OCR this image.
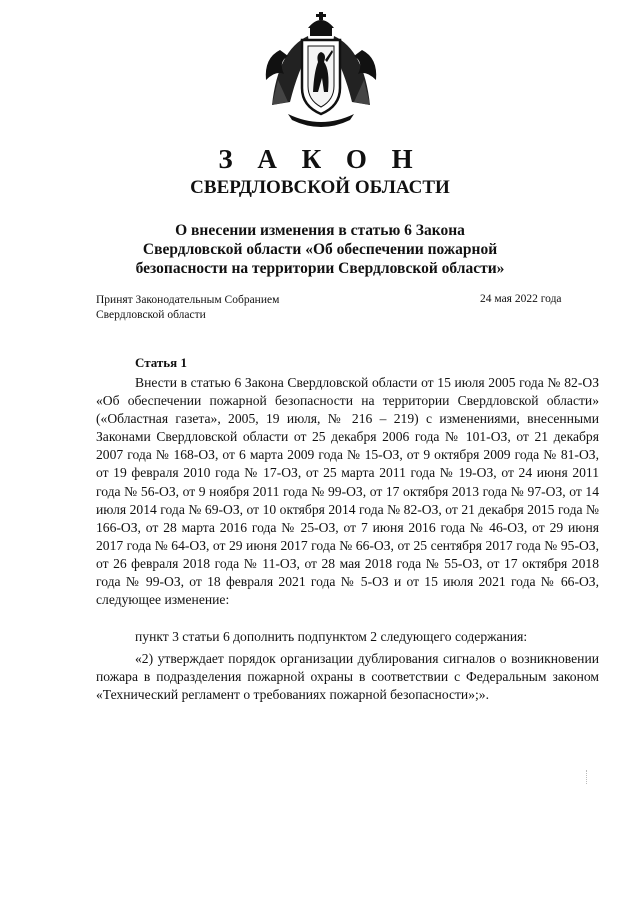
З А К О Н
СВЕРДЛОВСКОЙ ОБЛАСТИ
О внесении изменения в статью 6 Закона
Свердловской области «Об обеспечении пожарной
безопасности на территории Свердловской области»
Принят Законодательным Собранием
Свердловской области
24 мая 2022 года
Статья 1

Внести в статью 6 Закона Свердловской области от 15 июля 2005 года № 82-ОЗ «Об обеспечении пожарной безопасности на территории Свердловской области» («Областная газета», 2005, 19 июля, № 216 – 219) с изменениями, внесенными Законами Свердловской области от 25 декабря 2006 года № 101-ОЗ, от 21 декабря 2007 года № 168-ОЗ, от 6 марта 2009 года № 15-ОЗ, от 9 октября 2009 года № 81-ОЗ, от 19 февраля 2010 года № 17-ОЗ, от 25 марта 2011 года № 19-ОЗ, от 24 июня 2011 года № 56-ОЗ, от 9 ноября 2011 года № 99-ОЗ, от 17 октября 2013 года № 97-ОЗ, от 14 июля 2014 года № 69-ОЗ, от 10 октября 2014 года № 82-ОЗ, от 21 декабря 2015 года № 166-ОЗ, от 28 марта 2016 года № 25-ОЗ, от 7 июня 2016 года № 46-ОЗ, от 29 июня 2017 года № 64-ОЗ, от 29 июня 2017 года № 66-ОЗ, от 25 сентября 2017 года № 95-ОЗ, от 26 февраля 2018 года № 11-ОЗ, от 28 мая 2018 года № 55-ОЗ, от 17 октября 2018 года № 99-ОЗ, от 18 февраля 2021 года № 5-ОЗ и от 15 июля 2021 года № 66-ОЗ, следующее изменение:

пункт 3 статьи 6 дополнить подпунктом 2 следующего содержания:

«2) утверждает порядок организации дублирования сигналов о возникновении пожара в подразделения пожарной охраны в соответствии с Федеральным законом «Технический регламент о требованиях пожарной безопасности»;».
